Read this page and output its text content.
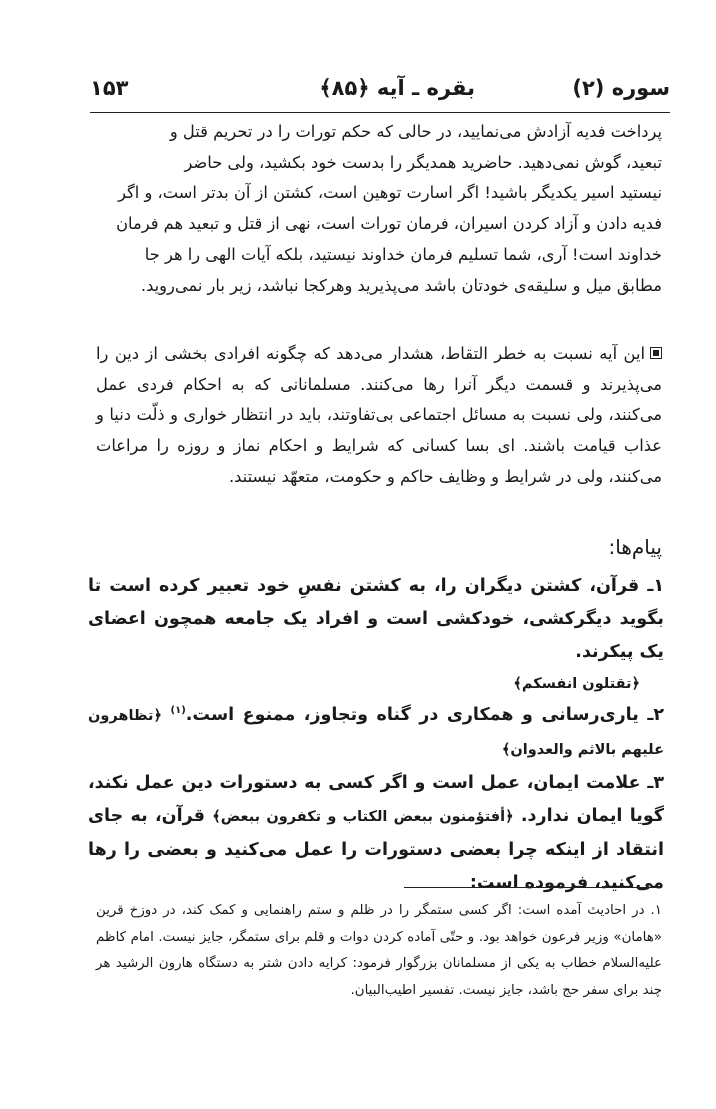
سوره (۲)
بقره ـ آیه ﴿۸۵﴾
۱۵۳

پرداخت فدیه آزادش می‌نمایید، در حالی که حکم تورات را در تحریم قتل و

تبعید، گوش نمی‌دهید. حاضرید همدیگر را بدست خود بکشید، ولی حاضر

نیستید اسیر یکدیگر باشید! اگر اسارت توهین است، کشتن از آن بدتر است، و اگر

فدیه دادن و آزاد کردن اسیران، فرمان تورات است، نهی از قتل و تبعید هم فرمان

خداوند است! آری، شما تسلیم فرمان خداوند نیستید، بلکه آیات الهی را هر جا

مطابق میل و سلیقه‌ی خودتان باشد می‌پذیرید وهرکجا نباشد، زیر بار نمی‌روید.

این آیه نسبت به خطر التقاط، هشدار می‌دهد که چگونه افرادی بخشی از دین را می‌پذیرند و قسمت دیگر آنرا رها می‌کنند. مسلمانانی که به احکام فردی عمل می‌کنند، ولی نسبت به مسائل اجتماعی بی‌تفاوتند، باید در انتظار خواری و ذلّت دنیا و عذاب قیامت باشند. ای بسا کسانی که شرایط و احکام نماز و روزه را مراعات می‌کنند، ولی در شرایط و وظایف حاکم و حکومت، متعهّد نیستند.

پیام‌ها:

۱ـ قرآن، کشتن دیگران را، به کشتن نفسِ خود تعبیر کرده است تا بگوید دیگرکشی، خودکشی است و افراد یک جامعه همچون اعضای یک پیکرند.

﴿تقتلون انفسکم﴾

۲ـ یاری‌رسانی و همکاری در گناه وتجاوز، ممنوع است.$^{(۱)}$ ﴿تظاهرون علیهم بالاثم والعدوان﴾

۳ـ علامت ایمان، عمل است و اگر کسی به دستورات دین عمل نکند، گویا ایمان ندارد. ﴿أفتؤمنون ببعض الکتاب و تکفرون ببعض﴾ قرآن، به جای انتقاد از اینکه چرا بعضی دستورات را عمل می‌کنید و بعضی را رها می‌کنید، فرموده است:

۱. در احادیث آمده است: اگر کسی ستمگر را در ظلم و ستم راهنمایی و کمک کند، در دوزخ قرین «هامان» وزیر فرعون خواهد بود. و حتّی آماده کردن دوات و قلم برای ستمگر، جایز نیست. امام کاظم علیه‌السلام خطاب به یکی از مسلمانان بزرگوار فرمود: کرایه دادن شتر به دستگاه هارون الرشید هر چند برای سفر حج باشد، جایز نیست. تفسیر اطیب‌البیان.
